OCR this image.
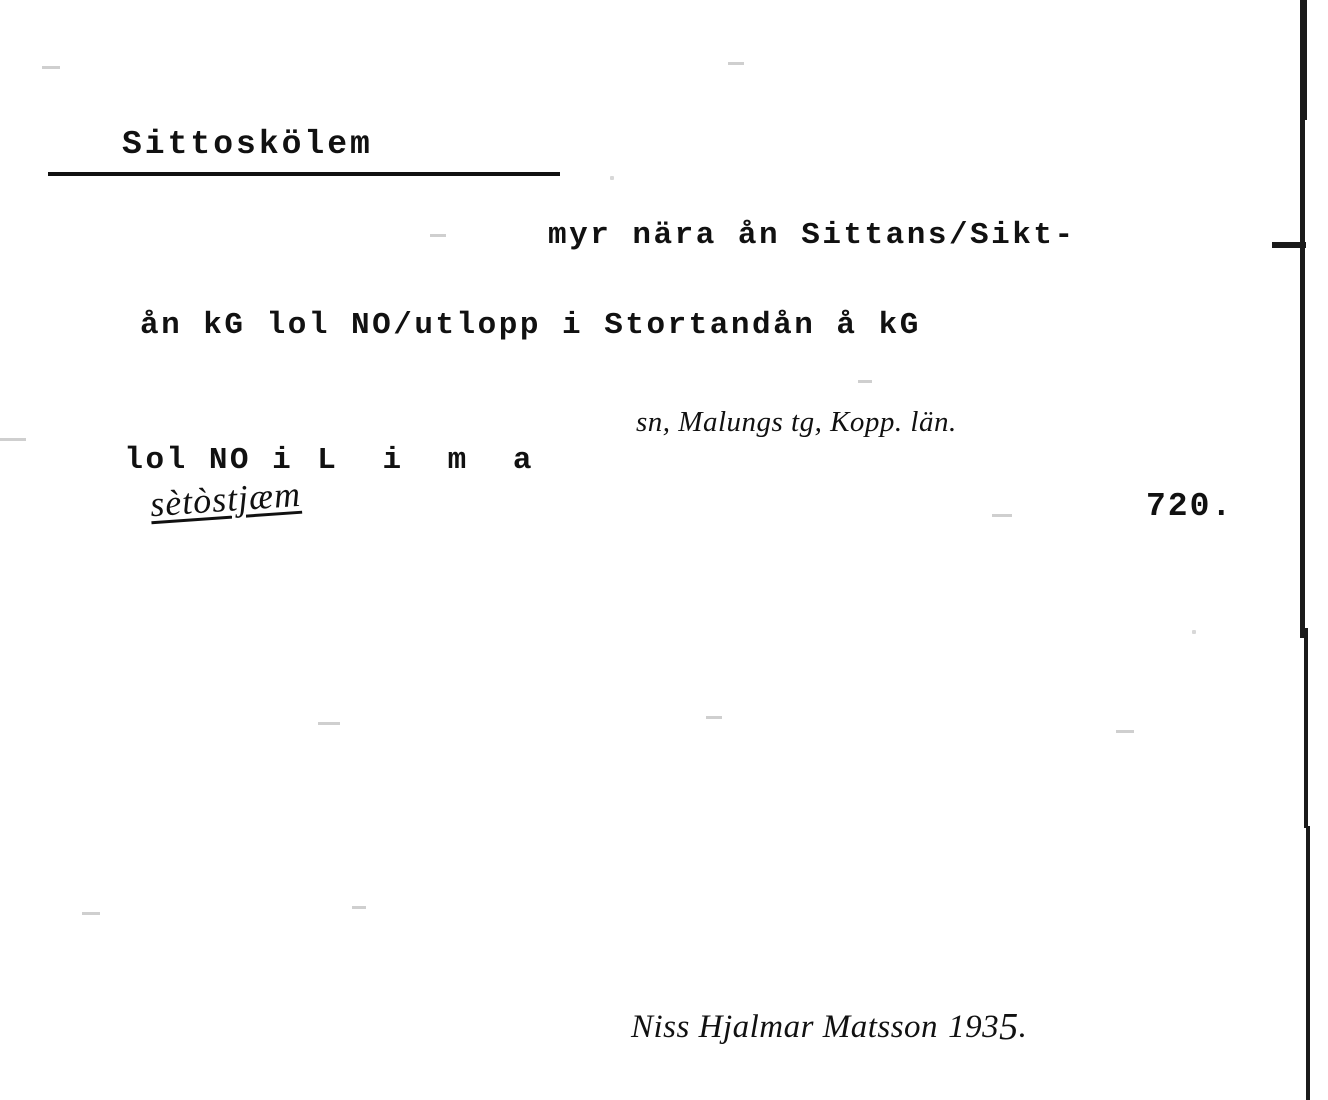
Sittoskölem
myr nära ån Sittans/Sikt-
ån kG lol NO/utlopp i Stortandån å kG

lol NO i L i m a

sn, Malungs tg, Kopp. län.
sètòstjæm	720.

Niss Hjalmar Matsson 1935.
